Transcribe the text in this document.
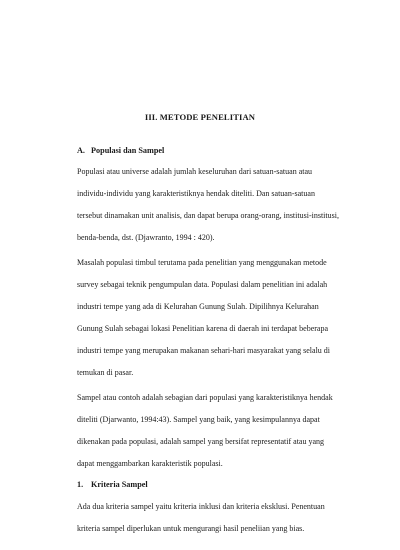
III. METODE PENELITIAN
A. Populasi dan Sampel
Populasi atau universe adalah jumlah keseluruhan dari satuan-satuan atau
individu-individu yang karakteristiknya hendak diteliti. Dan satuan-satuan
tersebut dinamakan unit analisis, dan dapat berupa orang-orang, institusi-institusi,
benda-benda, dst. (Djawranto, 1994 : 420).
Masalah populasi timbul terutama pada penelitian yang menggunakan metode
survey sebagai teknik pengumpulan data. Populasi dalam penelitian ini adalah
industri tempe yang ada di Kelurahan Gunung Sulah. Dipilihnya Kelurahan
Gunung Sulah sebagai lokasi Penelitian karena di daerah ini terdapat beberapa
industri tempe yang merupakan makanan sehari-hari masyarakat yang selalu di
temukan di pasar.
Sampel atau contoh adalah sebagian dari populasi yang karakteristiknya hendak
diteliti (Djarwanto, 1994:43). Sampel yang baik, yang kesimpulannya dapat
dikenakan pada populasi, adalah sampel yang bersifat representatif atau yang
dapat menggambarkan karakteristik populasi.
1. Kriteria Sampel
Ada dua kriteria sampel yaitu kriteria inklusi dan kriteria eksklusi. Penentuan
kriteria sampel diperlukan untuk mengurangi hasil peneliian yang bias.
